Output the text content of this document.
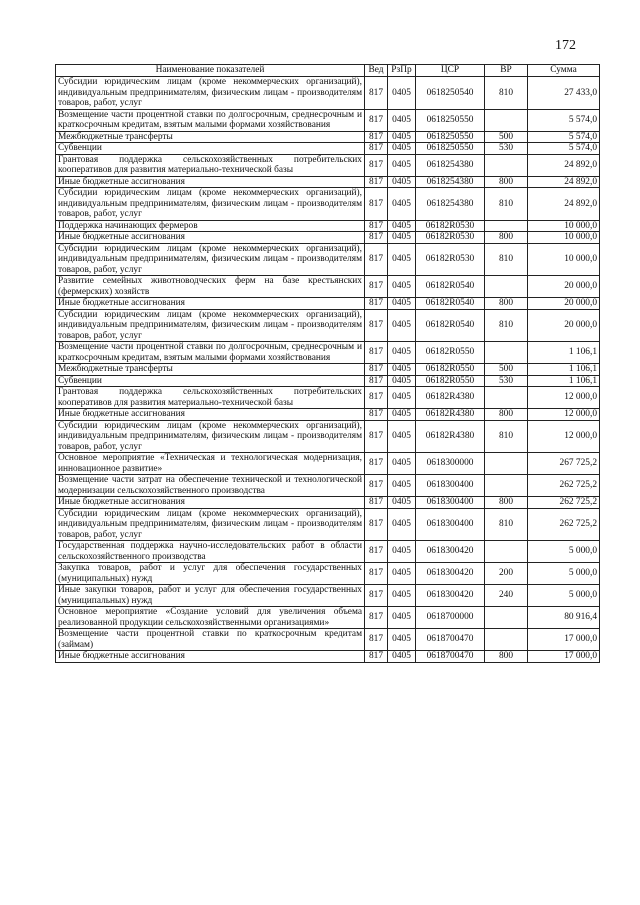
172
Наименование показателей	Вед	РзПр	ЦСР	ВР	Сумма
Субсидии юридическим лицам (кроме некоммерческих организаций), индивидуальным предпринимателям, физическим лицам - производителям товаров, работ, услуг	817	0405	0618250540	810	27 433,0
Возмещение части процентной ставки по долгосрочным, среднесрочным и краткосрочным кредитам, взятым малыми формами хозяйствования	817	0405	0618250550		5 574,0
Межбюджетные трансферты	817	0405	0618250550	500	5 574,0
Субвенции	817	0405	0618250550	530	5 574,0
Грантовая поддержка сельскохозяйственных потребительских кооперативов для развития материально-технической базы	817	0405	0618254380		24 892,0
Иные бюджетные ассигнования	817	0405	0618254380	800	24 892,0
Субсидии юридическим лицам (кроме некоммерческих организаций), индивидуальным предпринимателям, физическим лицам - производителям товаров, работ, услуг	817	0405	0618254380	810	24 892,0
Поддержка начинающих фермеров	817	0405	06182R0530		10 000,0
Иные бюджетные ассигнования	817	0405	06182R0530	800	10 000,0
Субсидии юридическим лицам (кроме некоммерческих организаций), индивидуальным предпринимателям, физическим лицам - производителям товаров, работ, услуг	817	0405	06182R0530	810	10 000,0
Развитие семейных животноводческих ферм на базе крестьянских (фермерских) хозяйств	817	0405	06182R0540		20 000,0
Иные бюджетные ассигнования	817	0405	06182R0540	800	20 000,0
Субсидии юридическим лицам (кроме некоммерческих организаций), индивидуальным предпринимателям, физическим лицам - производителям товаров, работ, услуг	817	0405	06182R0540	810	20 000,0
Возмещение части процентной ставки по долгосрочным, среднесрочным и краткосрочным кредитам, взятым малыми формами хозяйствования	817	0405	06182R0550		1 106,1
Межбюджетные трансферты	817	0405	06182R0550	500	1 106,1
Субвенции	817	0405	06182R0550	530	1 106,1
Грантовая поддержка сельскохозяйственных потребительских кооперативов для развития материально-технической базы	817	0405	06182R4380		12 000,0
Иные бюджетные ассигнования	817	0405	06182R4380	800	12 000,0
Субсидии юридическим лицам (кроме некоммерческих организаций), индивидуальным предпринимателям, физическим лицам - производителям товаров, работ, услуг	817	0405	06182R4380	810	12 000,0
Основное мероприятие «Техническая и технологическая модернизация, инновационное развитие»	817	0405	0618300000		267 725,2
Возмещение части затрат на обеспечение технической и технологической модернизации сельскохозяйственного производства	817	0405	0618300400		262 725,2
Иные бюджетные ассигнования	817	0405	0618300400	800	262 725,2
Субсидии юридическим лицам (кроме некоммерческих организаций), индивидуальным предпринимателям, физическим лицам - производителям товаров, работ, услуг	817	0405	0618300400	810	262 725,2
Государственная поддержка научно-исследовательских работ в области сельскохозяйственного производства	817	0405	0618300420		5 000,0
Закупка товаров, работ и услуг для обеспечения государственных (муниципальных) нужд	817	0405	0618300420	200	5 000,0
Иные закупки товаров, работ и услуг для обеспечения государственных (муниципальных) нужд	817	0405	0618300420	240	5 000,0
Основное мероприятие «Создание условий для увеличения объема реализованной продукции сельскохозяйственными организациями»	817	0405	0618700000		80 916,4
Возмещение части процентной ставки по краткосрочным кредитам (займам)	817	0405	0618700470		17 000,0
Иные бюджетные ассигнования	817	0405	0618700470	800	17 000,0
